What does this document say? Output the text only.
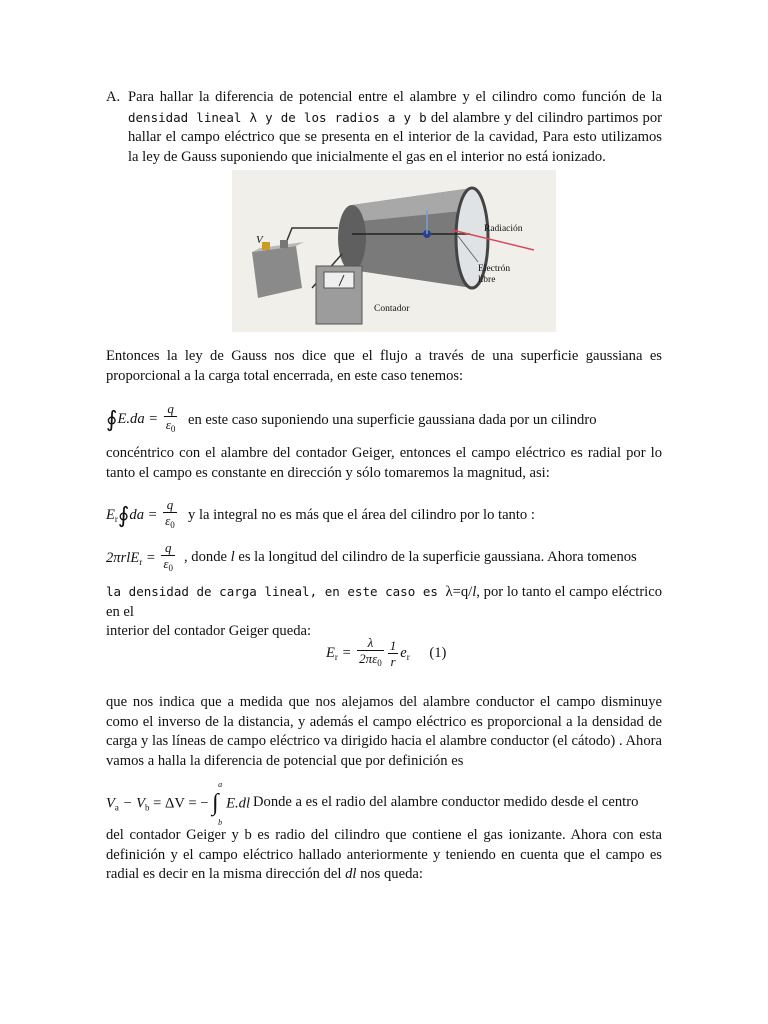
A. Para hallar la diferencia de potencial entre el alambre y el cilindro como función de la densidad lineal λ y de los radios a y b del alambre y del cilindro partimos por hallar el campo eléctrico que se presenta en el interior de la cavidad, Para esto utilizamos la ley de Gauss suponiendo que inicialmente el gas en el interior no está ionizado.
V
Radiación
Electrón
libre
Contador
Entonces la ley de Gauss nos dice que el flujo a través de una superficie gaussiana es proporcional a la carga total encerrada, en este caso tenemos:
∮E.da = $\frac{q}{\varepsilon_0}$ en este caso suponiendo una superficie gaussiana dada por un cilindro
concéntrico con el alambre del contador Geiger, entonces el campo eléctrico es radial por lo tanto el campo es constante en dirección y sólo tomaremos la magnitud, asi:
$E_r∮da = \frac{q}{\varepsilon_0}$ y la integral no es más que el área del cilindro por lo tanto :
$2\pi rlE_r = \frac{q}{\varepsilon_0}$ , donde l es la longitud del cilindro de la superficie gaussiana. Ahora tomenos
la densidad de carga lineal, en este caso es λ=q/l, por lo tanto el campo eléctrico en el
interior del contador Geiger queda:
$E_r = \frac{\lambda}{2\pi\varepsilon_0} \frac{1}{r} e_r$ (1)
que nos indica que a medida que nos alejamos del alambre conductor el campo disminuye como el inverso de la distancia, y además el campo eléctrico es proporcional a la densidad de carga y las líneas de campo eléctrico va dirigido hacia el alambre conductor (el cátodo) . Ahora vamos a halla la diferencia de potencial que por definición es
$V_a - V_b = \Delta V$ = −
a
∫
b
E.dl Donde a es el radio del alambre conductor medido desde el centro
del contador Geiger y b es radio del cilindro que contiene el gas ionizante. Ahora con esta definición y el campo eléctrico hallado anteriormente y teniendo en cuenta que el campo es radial es decir en la misma dirección del dl nos queda:
